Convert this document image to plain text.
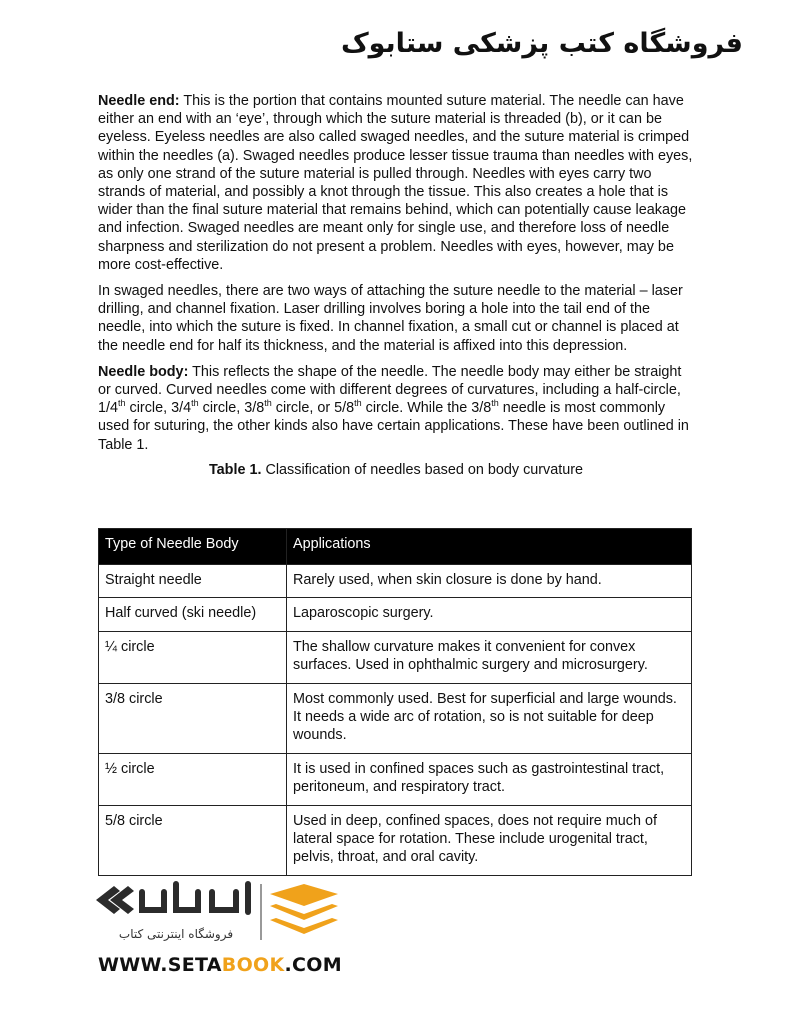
فروشگاه کتب پزشکی ستابوک

Needle end: This is the portion that contains mounted suture material. The needle can have either an end with an ‘eye’, through which the suture material is threaded (b), or it can be eyeless. Eyeless needles are also called swaged needles, and the suture material is crimped within the needles (a). Swaged needles produce lesser tissue trauma than needles with eyes, as only one strand of the suture material is pulled through. Needles with eyes carry two strands of material, and possibly a knot through the tissue. This also creates a hole that is wider than the final suture material that remains behind, which can potentially cause leakage and infection. Swaged needles are meant only for single use, and therefore loss of needle sharpness and sterilization do not present a problem. Needles with eyes, however, may be more cost-effective.

In swaged needles, there are two ways of attaching the suture needle to the material – laser drilling, and channel fixation. Laser drilling involves boring a hole into the tail end of the needle, into which the suture is fixed. In channel fixation, a small cut or channel is placed at the needle end for half its thickness, and the material is affixed into this depression.

Needle body: This reflects the shape of the needle. The needle body may either be straight or curved. Curved needles come with different degrees of curvatures, including a half-circle, 1/4th circle, 3/4th circle, 3/8th circle, or 5/8th circle. While the 3/8th needle is most commonly used for suturing, the other kinds also have certain applications. These have been outlined in Table 1.

Table 1. Classification of needles based on body curvature

Type of Needle Body	Applications
Straight needle	Rarely used, when skin closure is done by hand.
Half curved (ski needle)	Laparoscopic surgery.
¼ circle	The shallow curvature makes it convenient for convex surfaces. Used in ophthalmic surgery and microsurgery.
3/8 circle	Most commonly used. Best for superficial and large wounds. It needs a wide arc of rotation, so is not suitable for deep wounds.
½ circle	It is used in confined spaces such as gastrointestinal tract, peritoneum, and respiratory tract.
5/8 circle	Used in deep, confined spaces, does not require much of lateral space for rotation. These include urogenital tract, pelvis, throat, and oral cavity.
فروشگاه اینترنتی کتاب
WWW.SETABOOK.COM
